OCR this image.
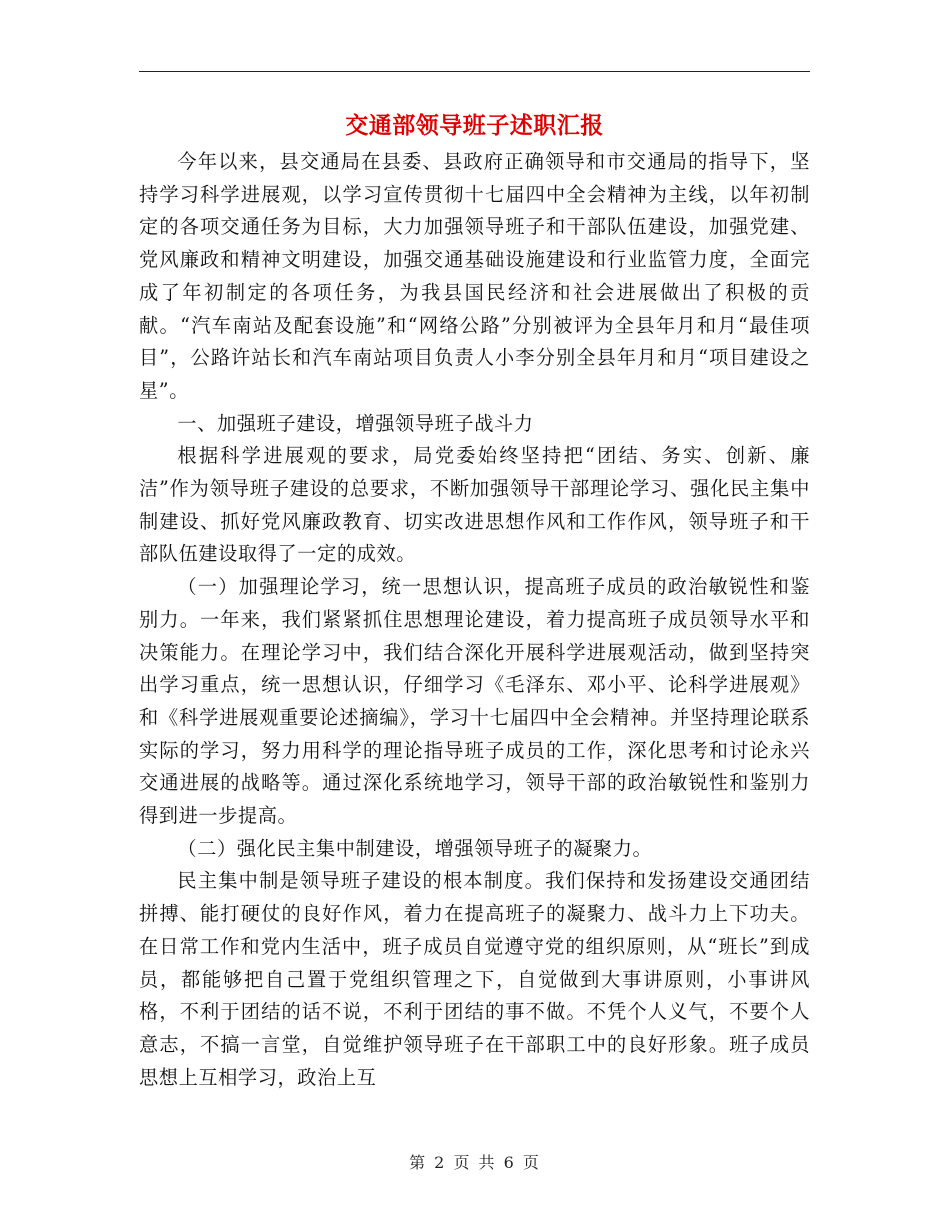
交通部领导班子述职汇报

今年以来，县交通局在县委、县政府正确领导和市交通局的指导下，坚持学习科学进展观，以学习宣传贯彻十七届四中全会精神为主线，以年初制定的各项交通任务为目标，大力加强领导班子和干部队伍建设，加强党建、党风廉政和精神文明建设，加强交通基础设施建设和行业监管力度，全面完成了年初制定的各项任务，为我县国民经济和社会进展做出了积极的贡献。“汽车南站及配套设施”和“网络公路”分别被评为全县年月和月“最佳项目”，公路许站长和汽车南站项目负责人小李分别全县年月和月“项目建设之星”。

一、加强班子建设，增强领导班子战斗力

根据科学进展观的要求，局党委始终坚持把“团结、务实、创新、廉洁”作为领导班子建设的总要求，不断加强领导干部理论学习、强化民主集中制建设、抓好党风廉政教育、切实改进思想作风和工作作风，领导班子和干部队伍建设取得了一定的成效。

（一）加强理论学习，统一思想认识，提高班子成员的政治敏锐性和鉴别力。一年来，我们紧紧抓住思想理论建设，着力提高班子成员领导水平和决策能力。在理论学习中，我们结合深化开展科学进展观活动，做到坚持突出学习重点，统一思想认识，仔细学习《毛泽东、邓小平、论科学进展观》和《科学进展观重要论述摘编》，学习十七届四中全会精神。并坚持理论联系实际的学习，努力用科学的理论指导班子成员的工作，深化思考和讨论永兴交通进展的战略等。通过深化系统地学习，领导干部的政治敏锐性和鉴别力得到进一步提高。

（二）强化民主集中制建设，增强领导班子的凝聚力。

民主集中制是领导班子建设的根本制度。我们保持和发扬建设交通团结拼搏、能打硬仗的良好作风，着力在提高班子的凝聚力、战斗力上下功夫。在日常工作和党内生活中，班子成员自觉遵守党的组织原则，从“班长”到成员，都能够把自己置于党组织管理之下，自觉做到大事讲原则，小事讲风格，不利于团结的话不说，不利于团结的事不做。不凭个人义气，不要个人意志，不搞一言堂，自觉维护领导班子在干部职工中的良好形象。班子成员思想上互相学习，政治上互

第 2 页 共 6 页
